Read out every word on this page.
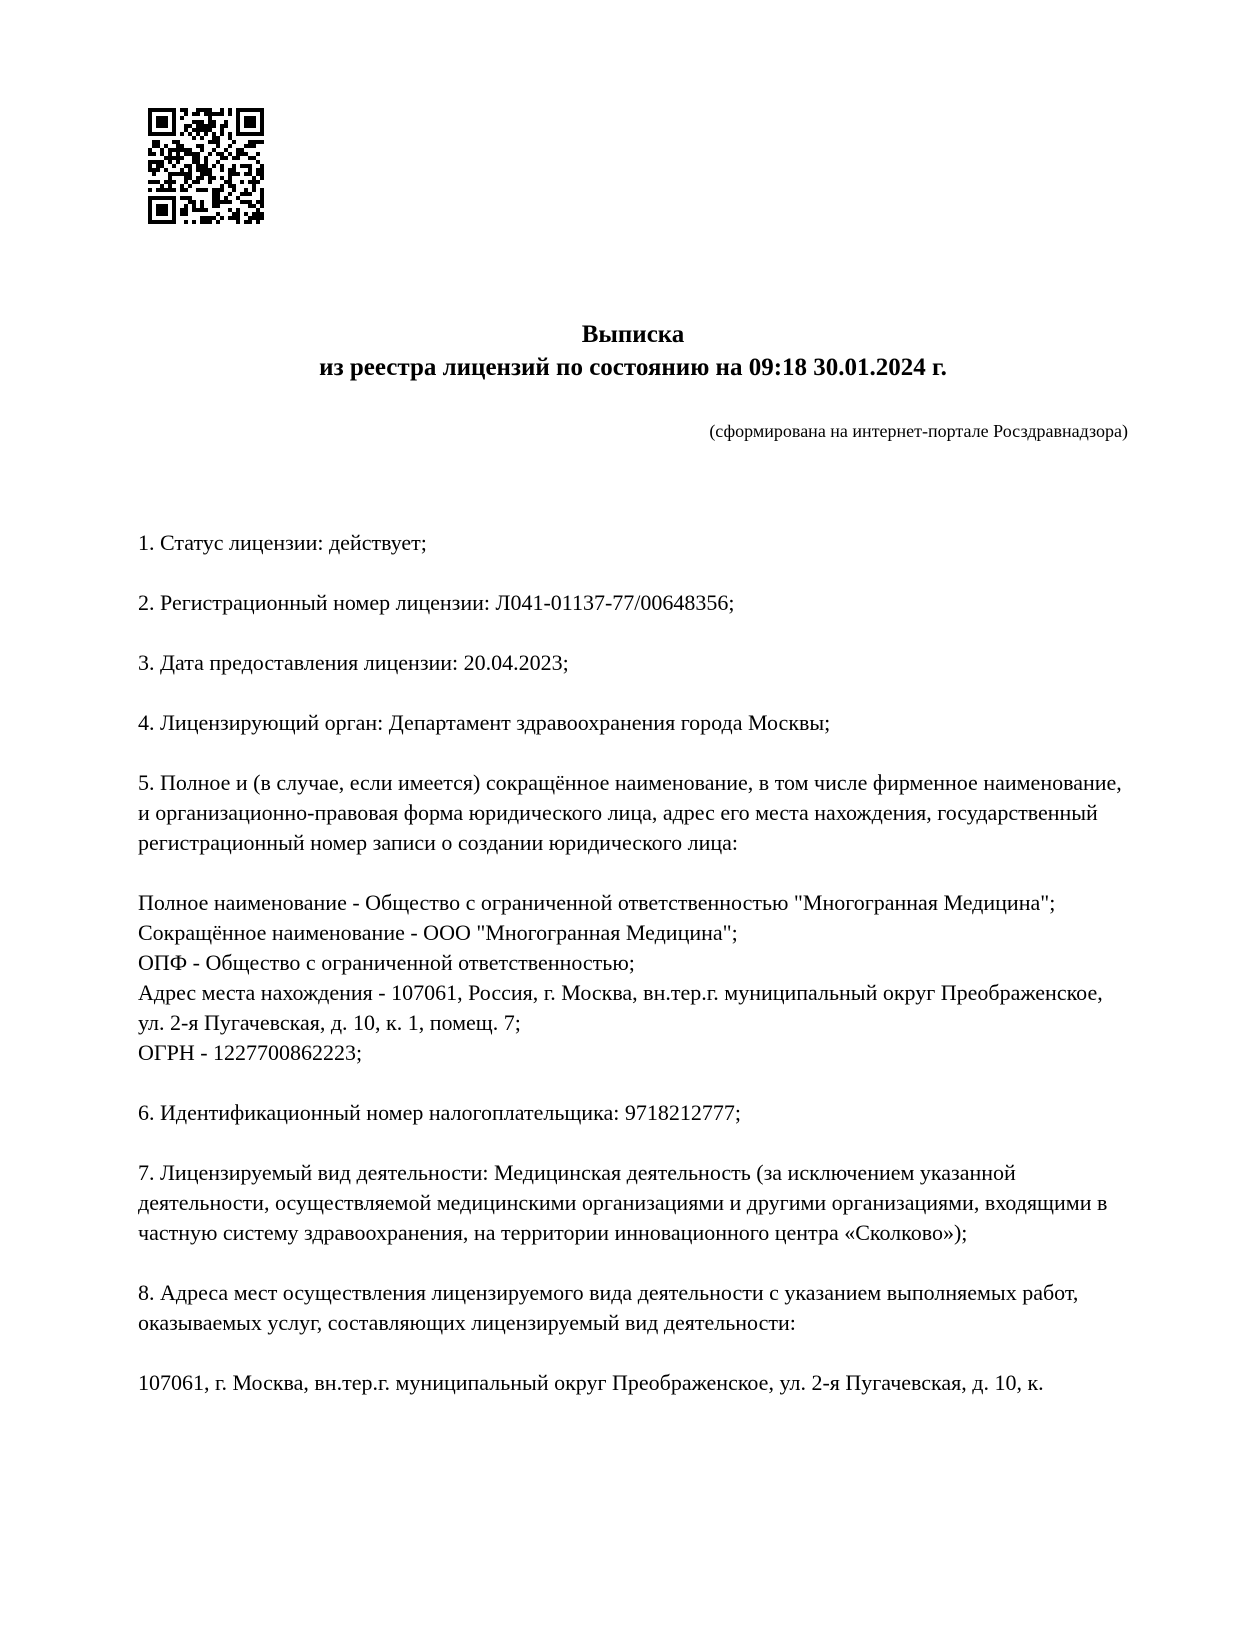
Выписка
из реестра лицензий по состоянию на 09:18 30.01.2024 г.
(сформирована на интернет-портале Росздравнадзора)

1. Статус лицензии: действует;

2. Регистрационный номер лицензии: Л041-01137-77/00648356;

3. Дата предоставления лицензии: 20.04.2023;

4. Лицензирующий орган: Департамент здравоохранения города Москвы;

5. Полное и (в случае, если имеется) сокращённое наименование, в том числе фирменное наименование, и организационно-правовая форма юридического лица, адрес его места нахождения, государственный регистрационный номер записи о создании юридического лица:

Полное наименование - Общество с ограниченной ответственностью "Многогранная Медицина";
Сокращённое наименование - ООО "Многогранная Медицина";
ОПФ - Общество с ограниченной ответственностью;
Адрес места нахождения - 107061, Россия, г. Москва, вн.тер.г. муниципальный округ Преображенское, ул. 2-я Пугачевская, д. 10, к. 1, помещ. 7;
ОГРН - 1227700862223;

6. Идентификационный номер налогоплательщика: 9718212777;

7. Лицензируемый вид деятельности: Медицинская деятельность (за исключением указанной деятельности, осуществляемой медицинскими организациями и другими организациями, входящими в частную систему здравоохранения, на территории инновационного центра «Сколково»);

8. Адреса мест осуществления лицензируемого вида деятельности с указанием выполняемых работ, оказываемых услуг, составляющих лицензируемый вид деятельности:

107061, г. Москва, вн.тер.г. муниципальный округ Преображенское, ул. 2-я Пугачевская, д. 10, к.
